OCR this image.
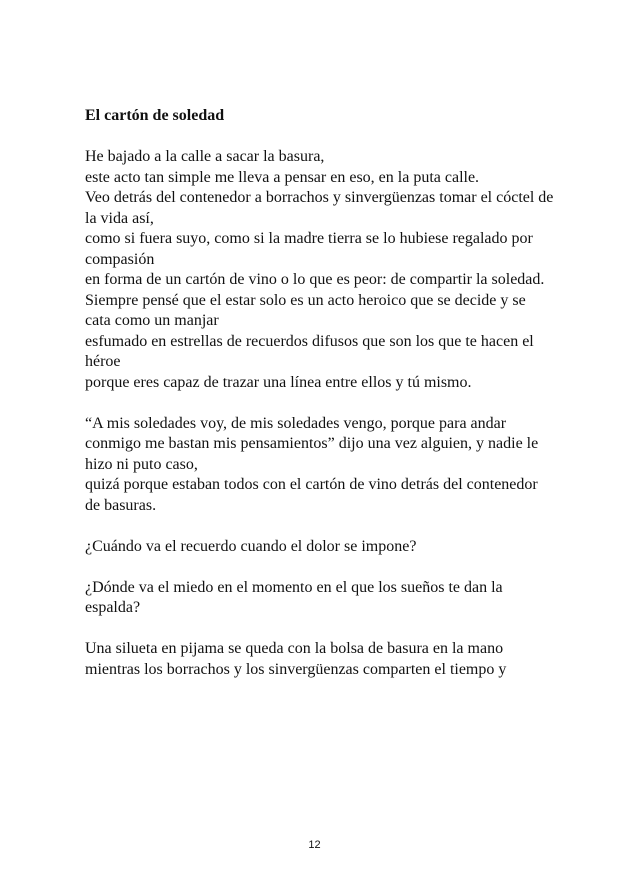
El cartón de soledad
He bajado a la calle a sacar la basura,
este acto tan simple me lleva a pensar en eso, en la puta calle.
Veo detrás del contenedor a borrachos y sinvergüenzas tomar el cóctel de la vida así,
como si fuera suyo, como si la madre tierra se lo hubiese regalado por compasión
en forma de un cartón de vino o lo que es peor: de compartir la soledad.
Siempre pensé que el estar solo es un acto heroico que se decide y se cata como un manjar
esfumado en estrellas de recuerdos difusos que son los que te hacen el héroe
porque eres capaz de trazar una línea entre ellos y tú mismo.
“A mis soledades voy, de mis soledades vengo, porque para andar conmigo me bastan mis pensamientos” dijo una vez alguien, y nadie le hizo ni puto caso,
quizá porque estaban todos con el cartón de vino detrás del contenedor de basuras.
¿Cuándo va el recuerdo cuando el dolor se impone?
¿Dónde va el miedo en el momento en el que los sueños te dan la espalda?
Una silueta en pijama se queda con la bolsa de basura en la mano
mientras los borrachos y los sinvergüenzas comparten el tiempo y
12
